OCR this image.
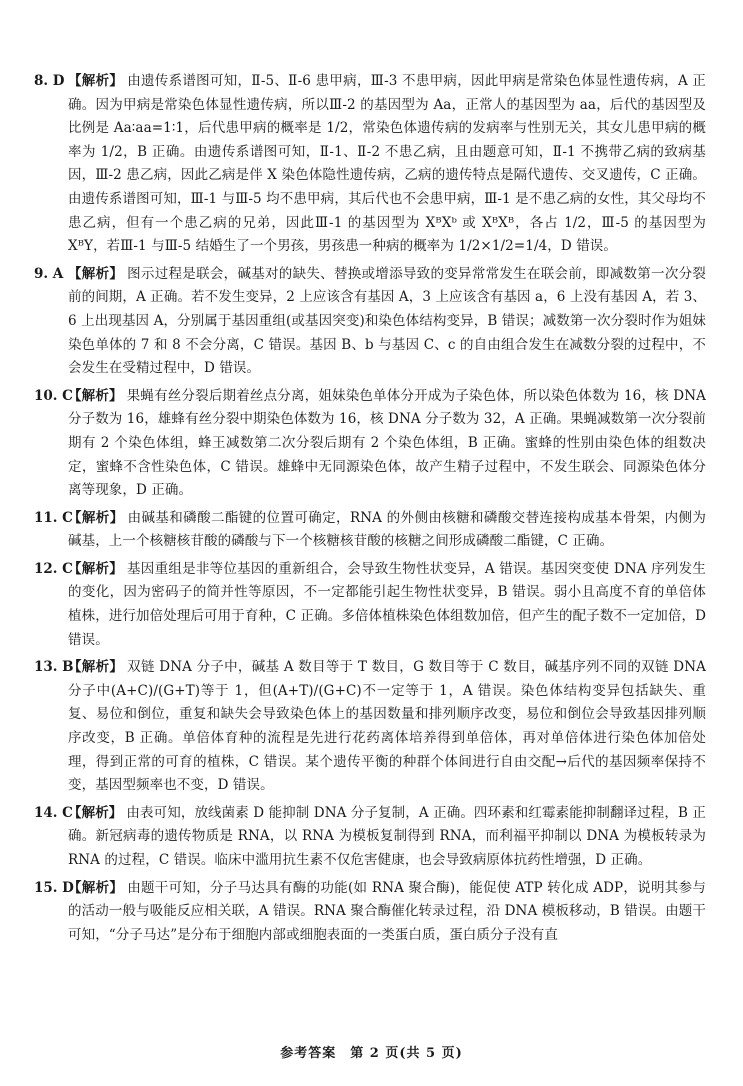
8. D 【解析】 由遗传系谱图可知，Ⅱ-5、Ⅱ-6 患甲病，Ⅲ-3 不患甲病，因此甲病是常染色体显性遗传病，A 正确。因为甲病是常染色体显性遗传病，所以Ⅲ-2 的基因型为 Aa，正常人的基因型为 aa，后代的基因型及比例是 Aa∶aa=1∶1，后代患甲病的概率是 1/2，常染色体遗传病的发病率与性别无关，其女儿患甲病的概率为 1/2，B 正确。由遗传系谱图可知，Ⅱ-1、Ⅱ-2 不患乙病，且由题意可知，Ⅱ-1 不携带乙病的致病基因，Ⅲ-2 患乙病，因此乙病是伴 X 染色体隐性遗传病，乙病的遗传特点是隔代遗传、交叉遗传，C 正确。由遗传系谱图可知，Ⅲ-1 与Ⅲ-5 均不患甲病，其后代也不会患甲病，Ⅲ-1 是不患乙病的女性，其父母均不患乙病，但有一个患乙病的兄弟，因此Ⅲ-1 的基因型为 XᴮXᵇ 或 XᴮXᴮ，各占 1/2，Ⅲ-5 的基因型为 XᴮY，若Ⅲ-1 与Ⅲ-5 结婚生了一个男孩，男孩患一种病的概率为 1/2×1/2=1/4，D 错误。
9. A 【解析】 图示过程是联会，碱基对的缺失、替换或增添导致的变异常常发生在联会前，即减数第一次分裂前的间期，A 正确。若不发生变异，2 上应该含有基因 A，3 上应该含有基因 a，6 上没有基因 A，若 3、6 上出现基因 A，分别属于基因重组(或基因突变)和染色体结构变异，B 错误；减数第一次分裂时作为姐妹染色单体的 7 和 8 不会分离，C 错误。基因 B、b 与基因 C、c 的自由组合发生在减数分裂的过程中，不会发生在受精过程中，D 错误。
10. C
【解析】 果蝇有丝分裂后期着丝点分离，姐妹染色单体分开成为子染色体，所以染色体数为 16，核 DNA 分子数为 16，雄蜂有丝分裂中期染色体数为 16，核 DNA 分子数为 32，A 正确。果蝇减数第一次分裂前期有 2 个染色体组，蜂王减数第二次分裂后期有 2 个染色体组，B 正确。蜜蜂的性别由染色体的组数决定，蜜蜂不含性染色体，C 错误。雄蜂中无同源染色体，故产生精子过程中，不发生联会、同源染色体分离等现象，D 正确。
11. C
【解析】 由碱基和磷酸二酯键的位置可确定，RNA 的外侧由核糖和磷酸交替连接构成基本骨架，内侧为碱基，上一个核糖核苷酸的磷酸与下一个核糖核苷酸的核糖之间形成磷酸二酯键，C 正确。
12. C
【解析】 基因重组是非等位基因的重新组合，会导致生物性状变异，A 错误。基因突变使 DNA 序列发生的变化，因为密码子的简并性等原因，不一定都能引起生物性状变异，B 错误。弱小且高度不育的单倍体植株，进行加倍处理后可用于育种，C 正确。多倍体植株染色体组数加倍，但产生的配子数不一定加倍，D 错误。
13. B
【解析】 双链 DNA 分子中，碱基 A 数目等于 T 数目，G 数目等于 C 数目，碱基序列不同的双链 DNA 分子中(A+C)/(G+T)等于 1，但(A+T)/(G+C)不一定等于 1，A 错误。染色体结构变异包括缺失、重复、易位和倒位，重复和缺失会导致染色体上的基因数量和排列顺序改变，易位和倒位会导致基因排列顺序改变，B 正确。单倍体育种的流程是先进行花药离体培养得到单倍体，再对单倍体进行染色体加倍处理，得到正常的可育的植株，C 错误。某个遗传平衡的种群个体间进行自由交配→后代的基因频率保持不变，基因型频率也不变，D 错误。
14. C
【解析】 由表可知，放线菌素 D 能抑制 DNA 分子复制，A 正确。四环素和红霉素能抑制翻译过程，B 正确。新冠病毒的遗传物质是 RNA，以 RNA 为模板复制得到 RNA，而利福平抑制以 DNA 为模板转录为 RNA 的过程，C 错误。临床中滥用抗生素不仅危害健康，也会导致病原体抗药性增强，D 正确。
15. D
【解析】 由题干可知，分子马达具有酶的功能(如 RNA 聚合酶)，能促使 ATP 转化成 ADP，说明其参与的活动一般与吸能反应相关联，A 错误。RNA 聚合酶催化转录过程，沿 DNA 模板移动，B 错误。由题干可知，“分子马达”是分布于细胞内部或细胞表面的一类蛋白质，蛋白质分子没有直
参考答案　第 2 页(共 5 页)
